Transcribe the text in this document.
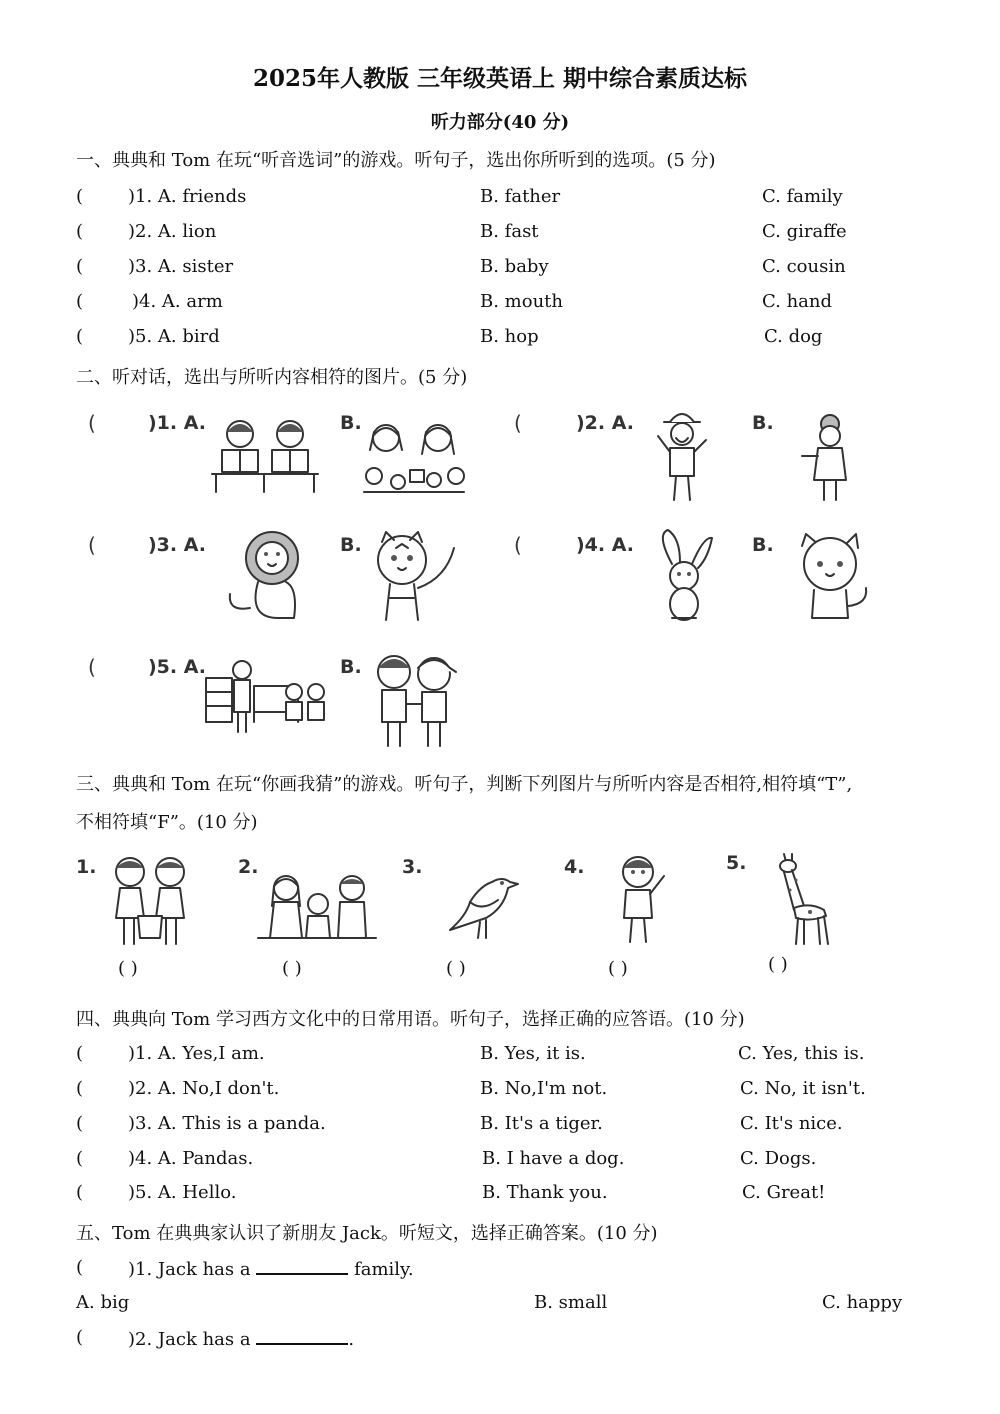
2025年人教版 三年级英语上 期中综合素质达标
听力部分(40 分)
一、典典和 Tom 在玩“听音选词”的游戏。听句子，选出你所听到的选项。(5 分)
( )1. A. friends	B. father	C. family
( )2. A. lion	B. fast	C. giraffe
( )3. A. sister	B. baby	C. cousin
(	)4. A. arm	B. mouth	C. hand
( )5. A. bird	B. hop	C. dog
二、听对话，选出与所听内容相符的图片。(5 分)
(	)1. A.	B.	(	)2. A.	B.
(	)3. A.	B.	(	)4. A.	B.
(	)5. A.	B.
三、典典和 Tom 在玩“你画我猜”的游戏。听句子，判断下列图片与所听内容是否相符,相符填“T”,
不相符填“F”。(10 分)
1.
( )
2.
( )
3.
( )
4.
( )
5.
( )
四、典典向 Tom 学习西方文化中的日常用语。听句子，选择正确的应答语。(10 分)
( )1. A. Yes,I am.	B. Yes, it is.	C. Yes, this is.
( )2. A. No,I don't.	B. No,I'm not.	C. No, it isn't.
( )3. A. This is a panda.	B. It's a tiger.	C. It's nice.
( )4. A. Pandas.	B. I have a dog.	C. Dogs.
( )5. A. Hello.	B. Thank you.	C. Great!
五、Tom 在典典家认识了新朋友 Jack。听短文，选择正确答案。(10 分)
( )1. Jack has a	family.
A. big	B. small	C. happy
( )2. Jack has a	.
